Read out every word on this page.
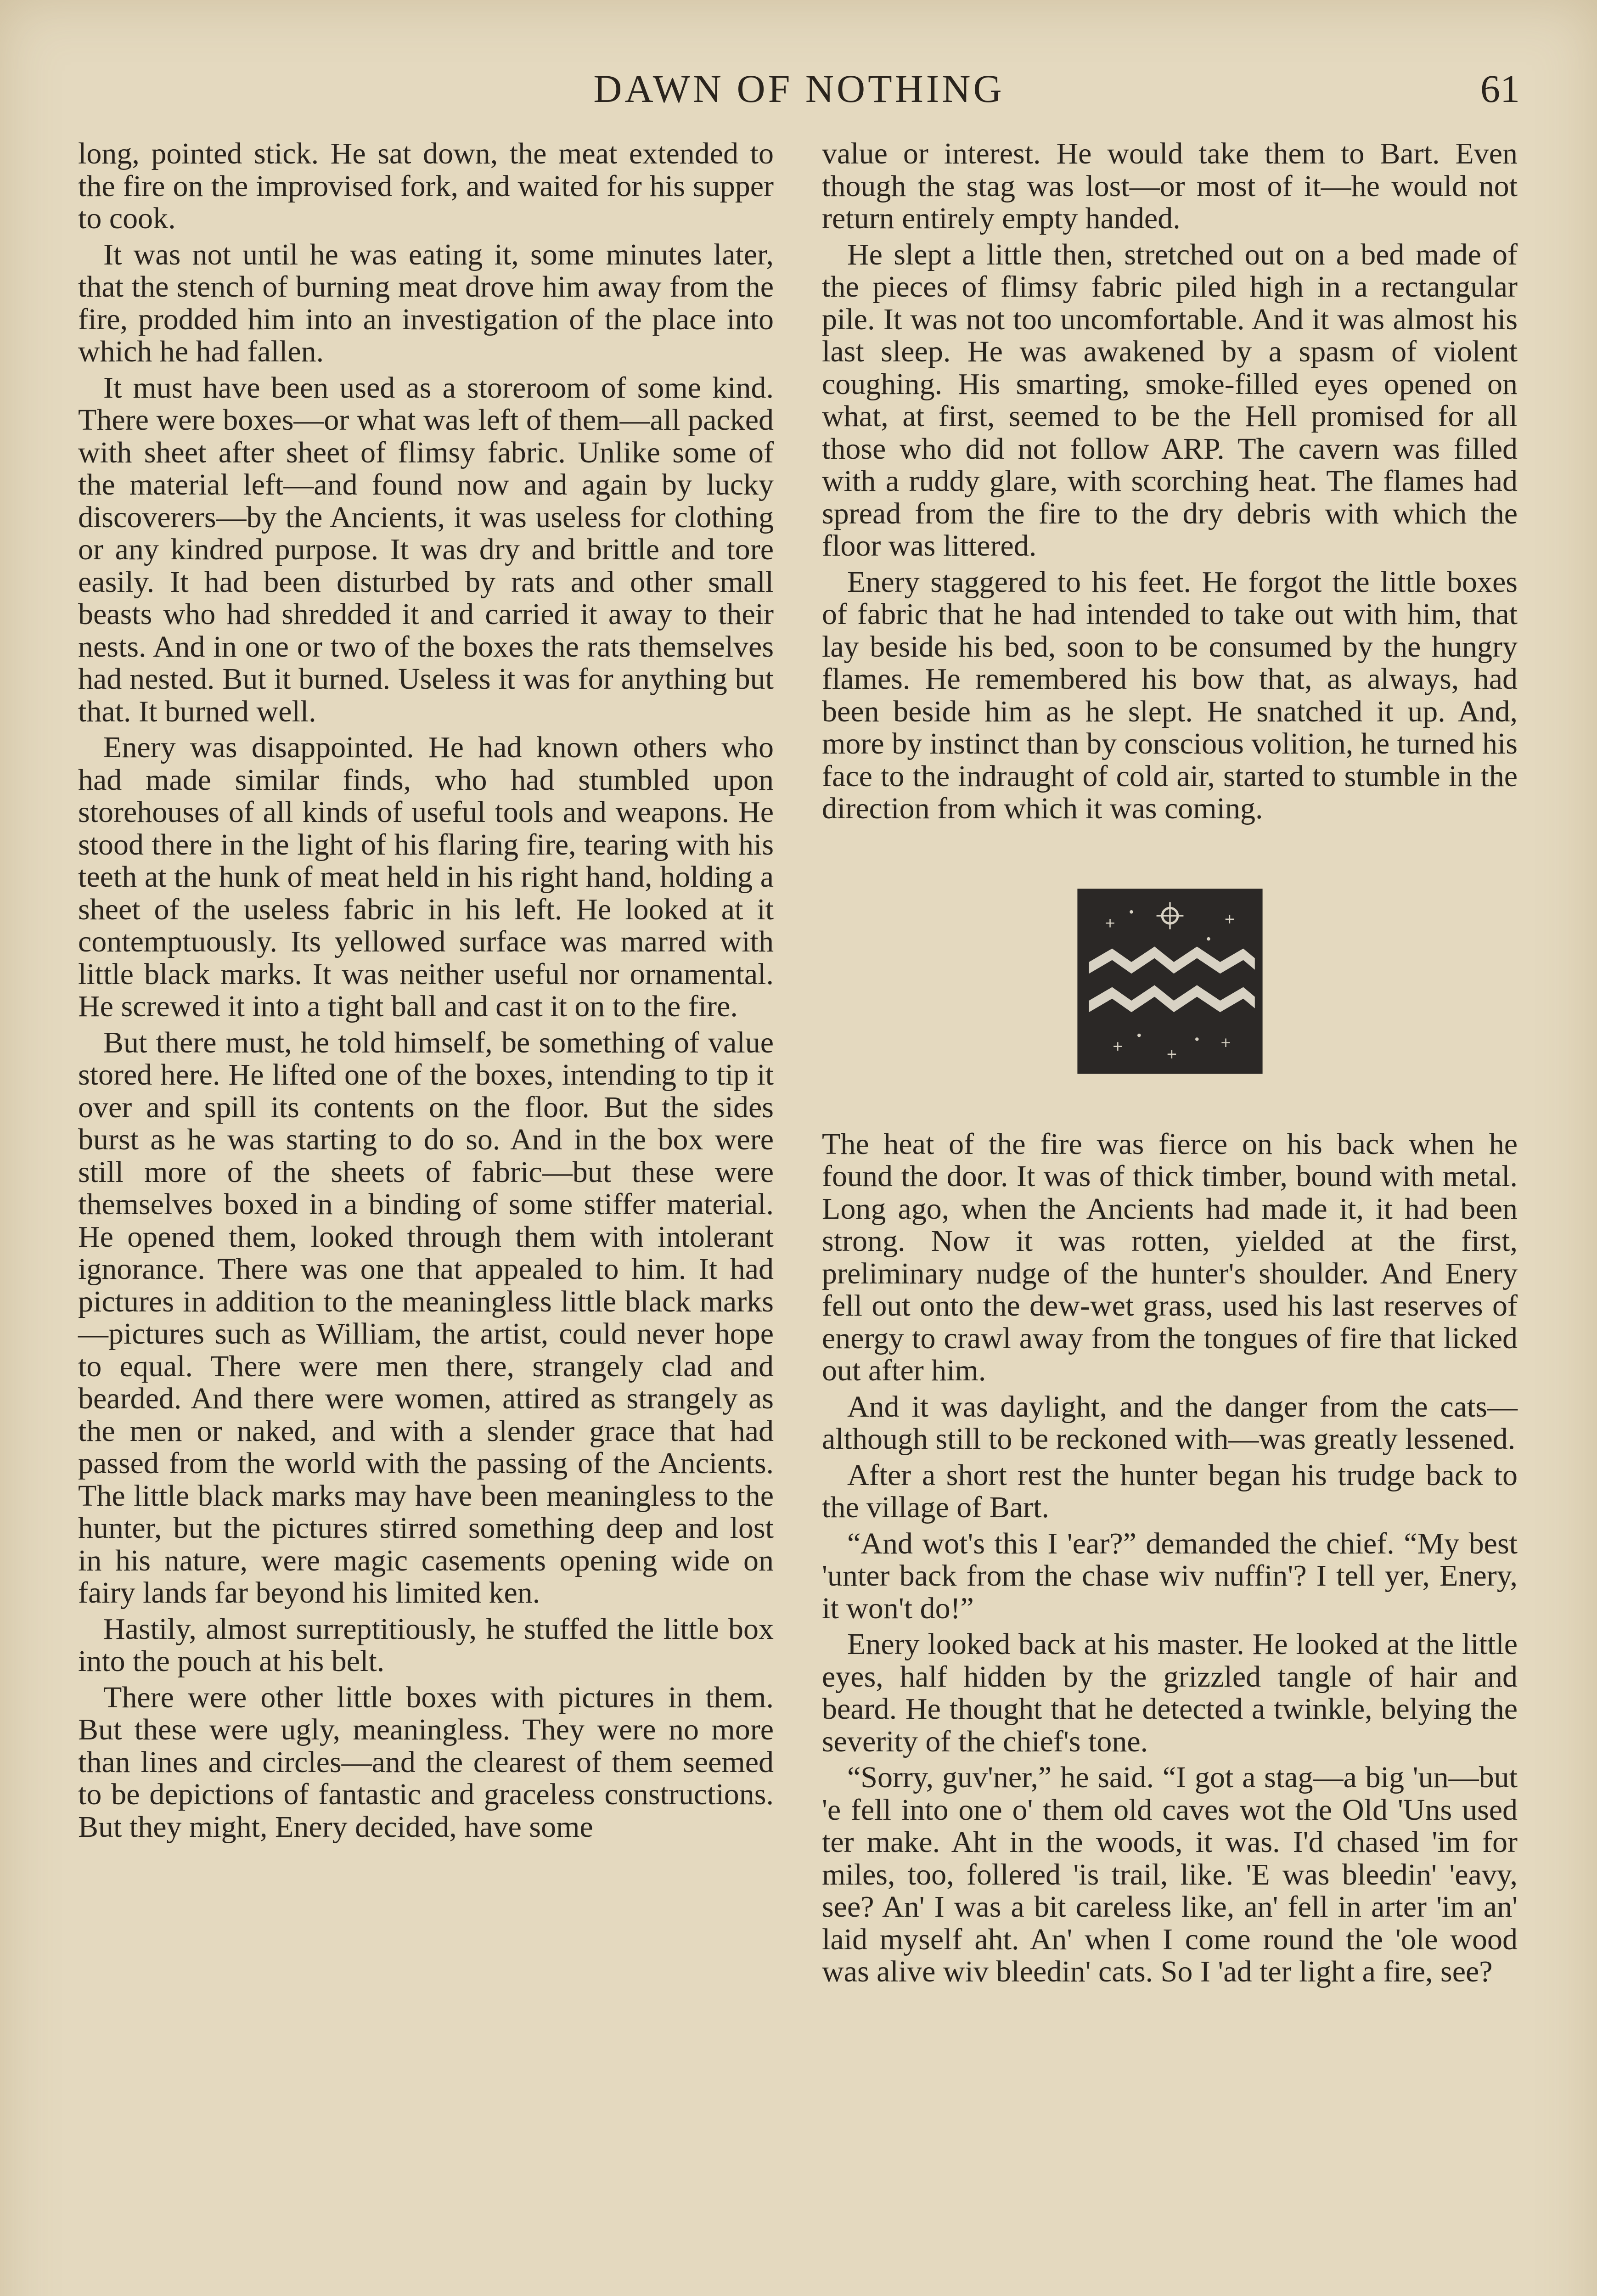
DAWN OF NOTHING	61

long, pointed stick. He sat down, the meat extended to the fire on the improvised fork, and waited for his supper to cook.

It was not until he was eating it, some minutes later, that the stench of burning meat drove him away from the fire, prodded him into an investigation of the place into which he had fallen.

It must have been used as a storeroom of some kind. There were boxes—or what was left of them—all packed with sheet after sheet of flimsy fabric. Unlike some of the material left—and found now and again by lucky discoverers—by the Ancients, it was useless for clothing or any kindred purpose. It was dry and brittle and tore easily. It had been disturbed by rats and other small beasts who had shredded it and carried it away to their nests. And in one or two of the boxes the rats themselves had nested. But it burned. Useless it was for anything but that. It burned well.

Enery was disappointed. He had known others who had made similar finds, who had stumbled upon storehouses of all kinds of useful tools and weapons. He stood there in the light of his flaring fire, tearing with his teeth at the hunk of meat held in his right hand, holding a sheet of the useless fabric in his left. He looked at it contemptuously. Its yellowed surface was marred with little black marks. It was neither useful nor ornamental. He screwed it into a tight ball and cast it on to the fire.

But there must, he told himself, be something of value stored here. He lifted one of the boxes, intending to tip it over and spill its contents on the floor. But the sides burst as he was starting to do so. And in the box were still more of the sheets of fabric—but these were themselves boxed in a binding of some stiffer material. He opened them, looked through them with intolerant ignorance. There was one that appealed to him. It had pictures in addition to the meaningless little black marks—pictures such as William, the artist, could never hope to equal. There were men there, strangely clad and bearded. And there were women, attired as strangely as the men or naked, and with a slender grace that had passed from the world with the passing of the Ancients. The little black marks may have been meaningless to the hunter, but the pictures stirred something deep and lost in his nature, were magic casements opening wide on fairy lands far beyond his limited ken.

Hastily, almost surreptitiously, he stuffed the little box into the pouch at his belt.

There were other little boxes with pictures in them. But these were ugly, meaningless. They were no more than lines and circles—and the clearest of them seemed to be depictions of fantastic and graceless constructions. But they might, Enery decided, have some

value or interest. He would take them to Bart. Even though the stag was lost—or most of it—he would not return entirely empty handed.

He slept a little then, stretched out on a bed made of the pieces of flimsy fabric piled high in a rectangular pile. It was not too uncomfortable. And it was almost his last sleep. He was awakened by a spasm of violent coughing. His smarting, smoke-filled eyes opened on what, at first, seemed to be the Hell promised for all those who did not follow ARP. The cavern was filled with a ruddy glare, with scorching heat. The flames had spread from the fire to the dry debris with which the floor was littered.

Enery staggered to his feet. He forgot the little boxes of fabric that he had intended to take out with him, that lay beside his bed, soon to be consumed by the hungry flames. He remembered his bow that, as always, had been beside him as he slept. He snatched it up. And, more by instinct than by conscious volition, he turned his face to the indraught of cold air, started to stumble in the direction from which it was coming.

+	+
+	+
+

The heat of the fire was fierce on his back when he found the door. It was of thick timber, bound with metal. Long ago, when the Ancients had made it, it had been strong. Now it was rotten, yielded at the first, preliminary nudge of the hunter's shoulder. And Enery fell out onto the dew-wet grass, used his last reserves of energy to crawl away from the tongues of fire that licked out after him.

And it was daylight, and the danger from the cats—although still to be reckoned with—was greatly lessened.

After a short rest the hunter began his trudge back to the village of Bart.

“And wot's this I 'ear?” demanded the chief. “My best 'unter back from the chase wiv nuffin'? I tell yer, Enery, it won't do!”

Enery looked back at his master. He looked at the little eyes, half hidden by the grizzled tangle of hair and beard. He thought that he detected a twinkle, belying the severity of the chief's tone.

“Sorry, guv'ner,” he said. “I got a stag—a big 'un—but 'e fell into one o' them old caves wot the Old 'Uns used ter make. Aht in the woods, it was. I'd chased 'im for miles, too, follered 'is trail, like. 'E was bleedin' 'eavy, see? An' I was a bit careless like, an' fell in arter 'im an' laid myself aht. An' when I come round the 'ole wood was alive wiv bleedin' cats. So I 'ad ter light a fire, see?
